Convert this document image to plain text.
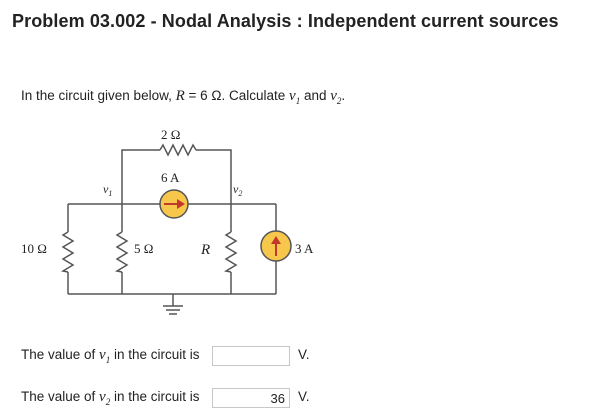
Problem 03.002 - Nodal Analysis : Independent current sources
In the circuit given below, R = 6 Ω. Calculate $v_1$ and $v_2$.
2 Ω
6 A
$v_1$	$v_2$
10 Ω	5 Ω	R	3 A
The value of $v_1$ in the circuit is	V.
The value of $v_2$ in the circuit is	36 V.
